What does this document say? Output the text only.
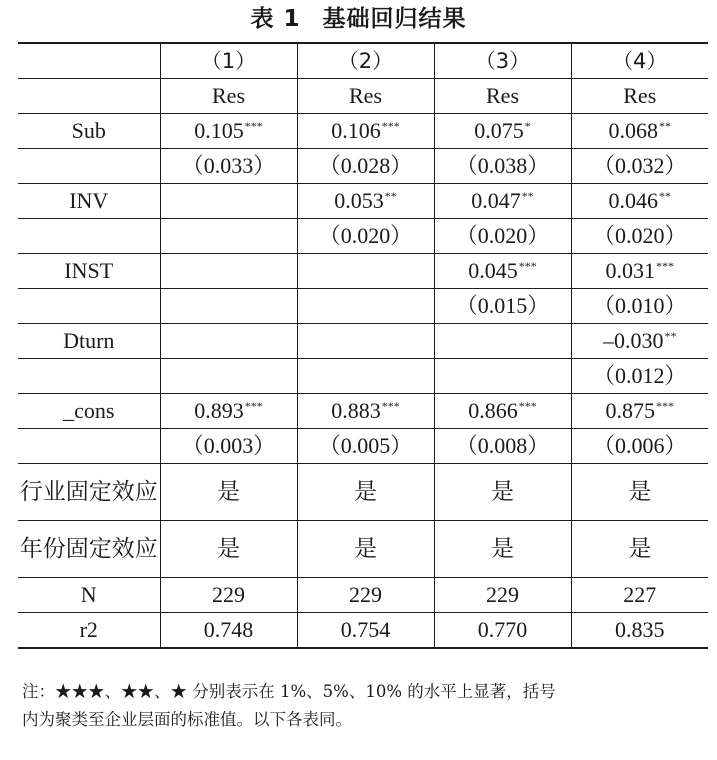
表 1 基础回归结果
	（1）	（2）	（3）	（4）
	Res	Res	Res	Res
Sub	0.105***	0.106***	0.075*	0.068**
	（0.033）	（0.028）	（0.038）	（0.032）
INV		0.053**	0.047**	0.046**
		（0.020）	（0.020）	（0.020）
INST			0.045***	0.031***
			（0.015）	（0.010）
Dturn				–0.030**
				（0.012）
_cons	0.893***	0.883***	0.866***	0.875***
	（0.003）	（0.005）	（0.008）	（0.006）
行业固定效应	是	是	是	是
年份固定效应	是	是	是	是
N	229	229	229	227
r2	0.748	0.754	0.770	0.835
注：★★★、★★、★ 分别表示在 1%、5%、10% 的水平上显著，括号
内为聚类至企业层面的标准值。以下各表同。
